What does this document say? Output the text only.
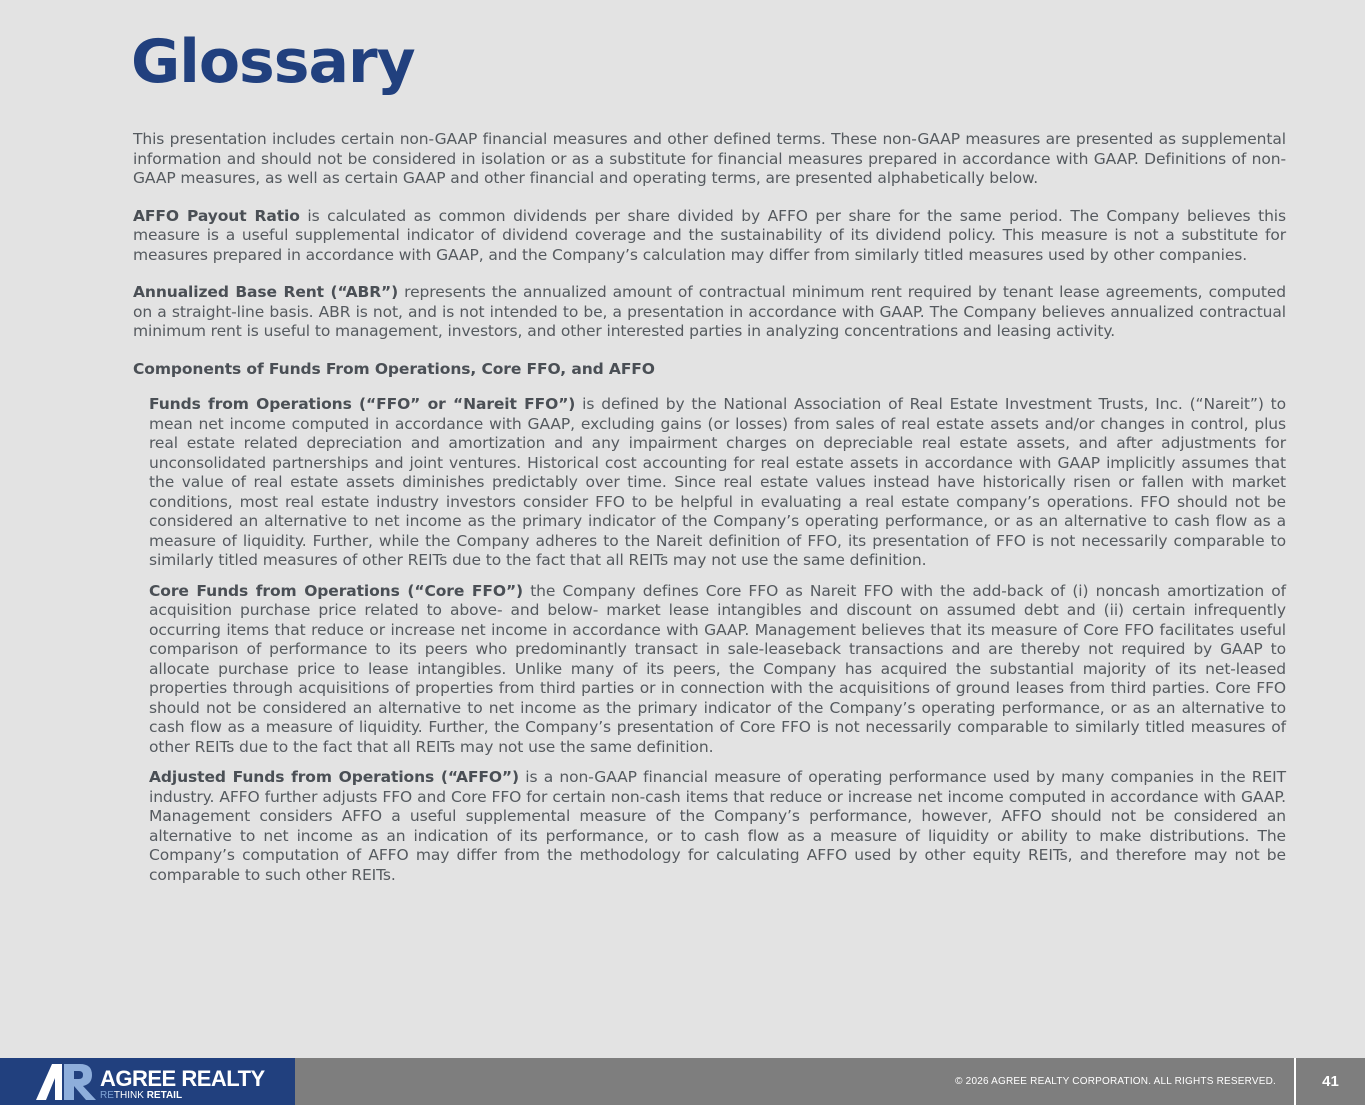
Glossary

This presentation includes certain non-GAAP financial measures and other defined terms. These non-GAAP measures are presented as supplemental information and should not be considered in isolation or as a substitute for financial measures prepared in accordance with GAAP. Definitions of non-GAAP measures, as well as certain GAAP and other financial and operating terms, are presented alphabetically below.

AFFO Payout Ratio is calculated as common dividends per share divided by AFFO per share for the same period. The Company believes this measure is a useful supplemental indicator of dividend coverage and the sustainability of its dividend policy. This measure is not a substitute for measures prepared in accordance with GAAP, and the Company’s calculation may differ from similarly titled measures used by other companies.

Annualized Base Rent (“ABR”) represents the annualized amount of contractual minimum rent required by tenant lease agreements, computed on a straight-line basis. ABR is not, and is not intended to be, a presentation in accordance with GAAP. The Company believes annualized contractual minimum rent is useful to management, investors, and other interested parties in analyzing concentrations and leasing activity.

Components of Funds From Operations, Core FFO, and AFFO

Funds from Operations (“FFO” or “Nareit FFO”) is defined by the National Association of Real Estate Investment Trusts, Inc. (“Nareit”) to mean net income computed in accordance with GAAP, excluding gains (or losses) from sales of real estate assets and/or changes in control, plus real estate related depreciation and amortization and any impairment charges on depreciable real estate assets, and after adjustments for unconsolidated partnerships and joint ventures. Historical cost accounting for real estate assets in accordance with GAAP implicitly assumes that the value of real estate assets diminishes predictably over time. Since real estate values instead have historically risen or fallen with market conditions, most real estate industry investors consider FFO to be helpful in evaluating a real estate company’s operations. FFO should not be considered an alternative to net income as the primary indicator of the Company’s operating performance, or as an alternative to cash flow as a measure of liquidity. Further, while the Company adheres to the Nareit definition of FFO, its presentation of FFO is not necessarily comparable to similarly titled measures of other REITs due to the fact that all REITs may not use the same definition.

Core Funds from Operations (“Core FFO”) the Company defines Core FFO as Nareit FFO with the add-back of (i) noncash amortization of acquisition purchase price related to above- and below- market lease intangibles and discount on assumed debt and (ii) certain infrequently occurring items that reduce or increase net income in accordance with GAAP. Management believes that its measure of Core FFO facilitates useful comparison of performance to its peers who predominantly transact in sale-leaseback transactions and are thereby not required by GAAP to allocate purchase price to lease intangibles. Unlike many of its peers, the Company has acquired the substantial majority of its net-leased properties through acquisitions of properties from third parties or in connection with the acquisitions of ground leases from third parties. Core FFO should not be considered an alternative to net income as the primary indicator of the Company’s operating performance, or as an alternative to cash flow as a measure of liquidity. Further, the Company’s presentation of Core FFO is not necessarily comparable to similarly titled measures of other REITs due to the fact that all REITs may not use the same definition.

Adjusted Funds from Operations (“AFFO”) is a non-GAAP financial measure of operating performance used by many companies in the REIT industry. AFFO further adjusts FFO and Core FFO for certain non-cash items that reduce or increase net income computed in accordance with GAAP. Management considers AFFO a useful supplemental measure of the Company’s performance, however, AFFO should not be considered an alternative to net income as an indication of its performance, or to cash flow as a measure of liquidity or ability to make distributions. The Company’s computation of AFFO may differ from the methodology for calculating AFFO used by other equity REITs, and therefore may not be comparable to such other REITs.

AGREE REALTY
RETHINK RETAIL
© 2026 AGREE REALTY CORPORATION. ALL RIGHTS RESERVED.	41
